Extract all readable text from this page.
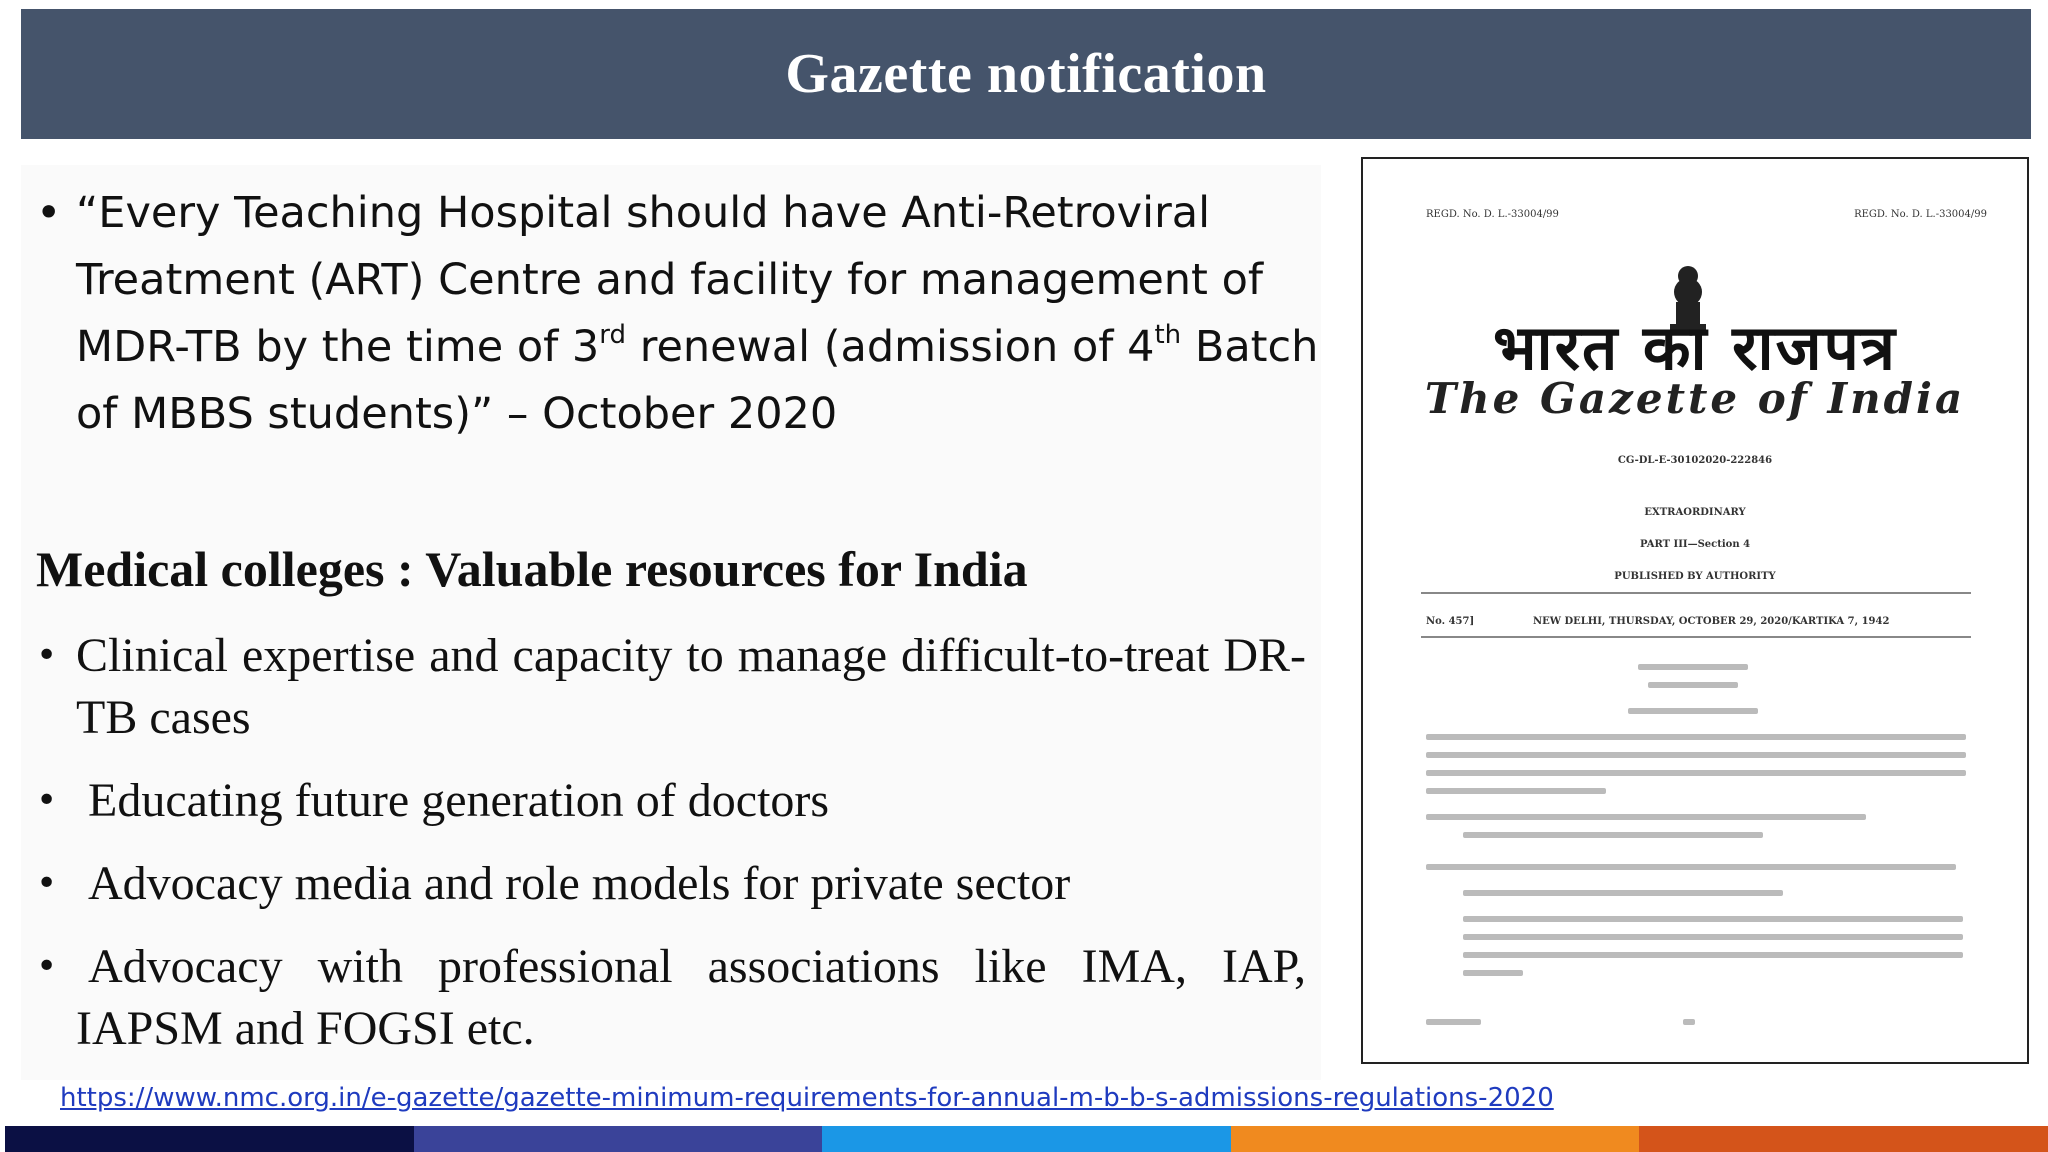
Gazette notification
• “Every Teaching Hospital should have Anti-Retroviral Treatment (ART) Centre and facility for management of MDR-TB by the time of 3rd renewal (admission of 4th Batch of MBBS students)” – October 2020
Medical colleges : Valuable resources for India
• Clinical expertise and capacity to manage difficult-to-treat DR-TB cases
• Educating future generation of doctors
• Advocacy media and role models for private sector
• Advocacy with professional associations like IMA, IAP, IAPSM and FOGSI etc.
https://www.nmc.org.in/e-gazette/gazette-minimum-requirements-for-annual-m-b-b-s-admissions-regulations-2020
REGD. No. D. L.-33004/99	REGD. No. D. L.-33004/99
भारत का राजपत्र
The Gazette of India
CG-DL-E-30102020-222846
EXTRAORDINARY
PART III—Section 4
PUBLISHED BY AUTHORITY
No. 457]	NEW DELHI, THURSDAY, OCTOBER 29, 2020/KARTIKA 7, 1942
